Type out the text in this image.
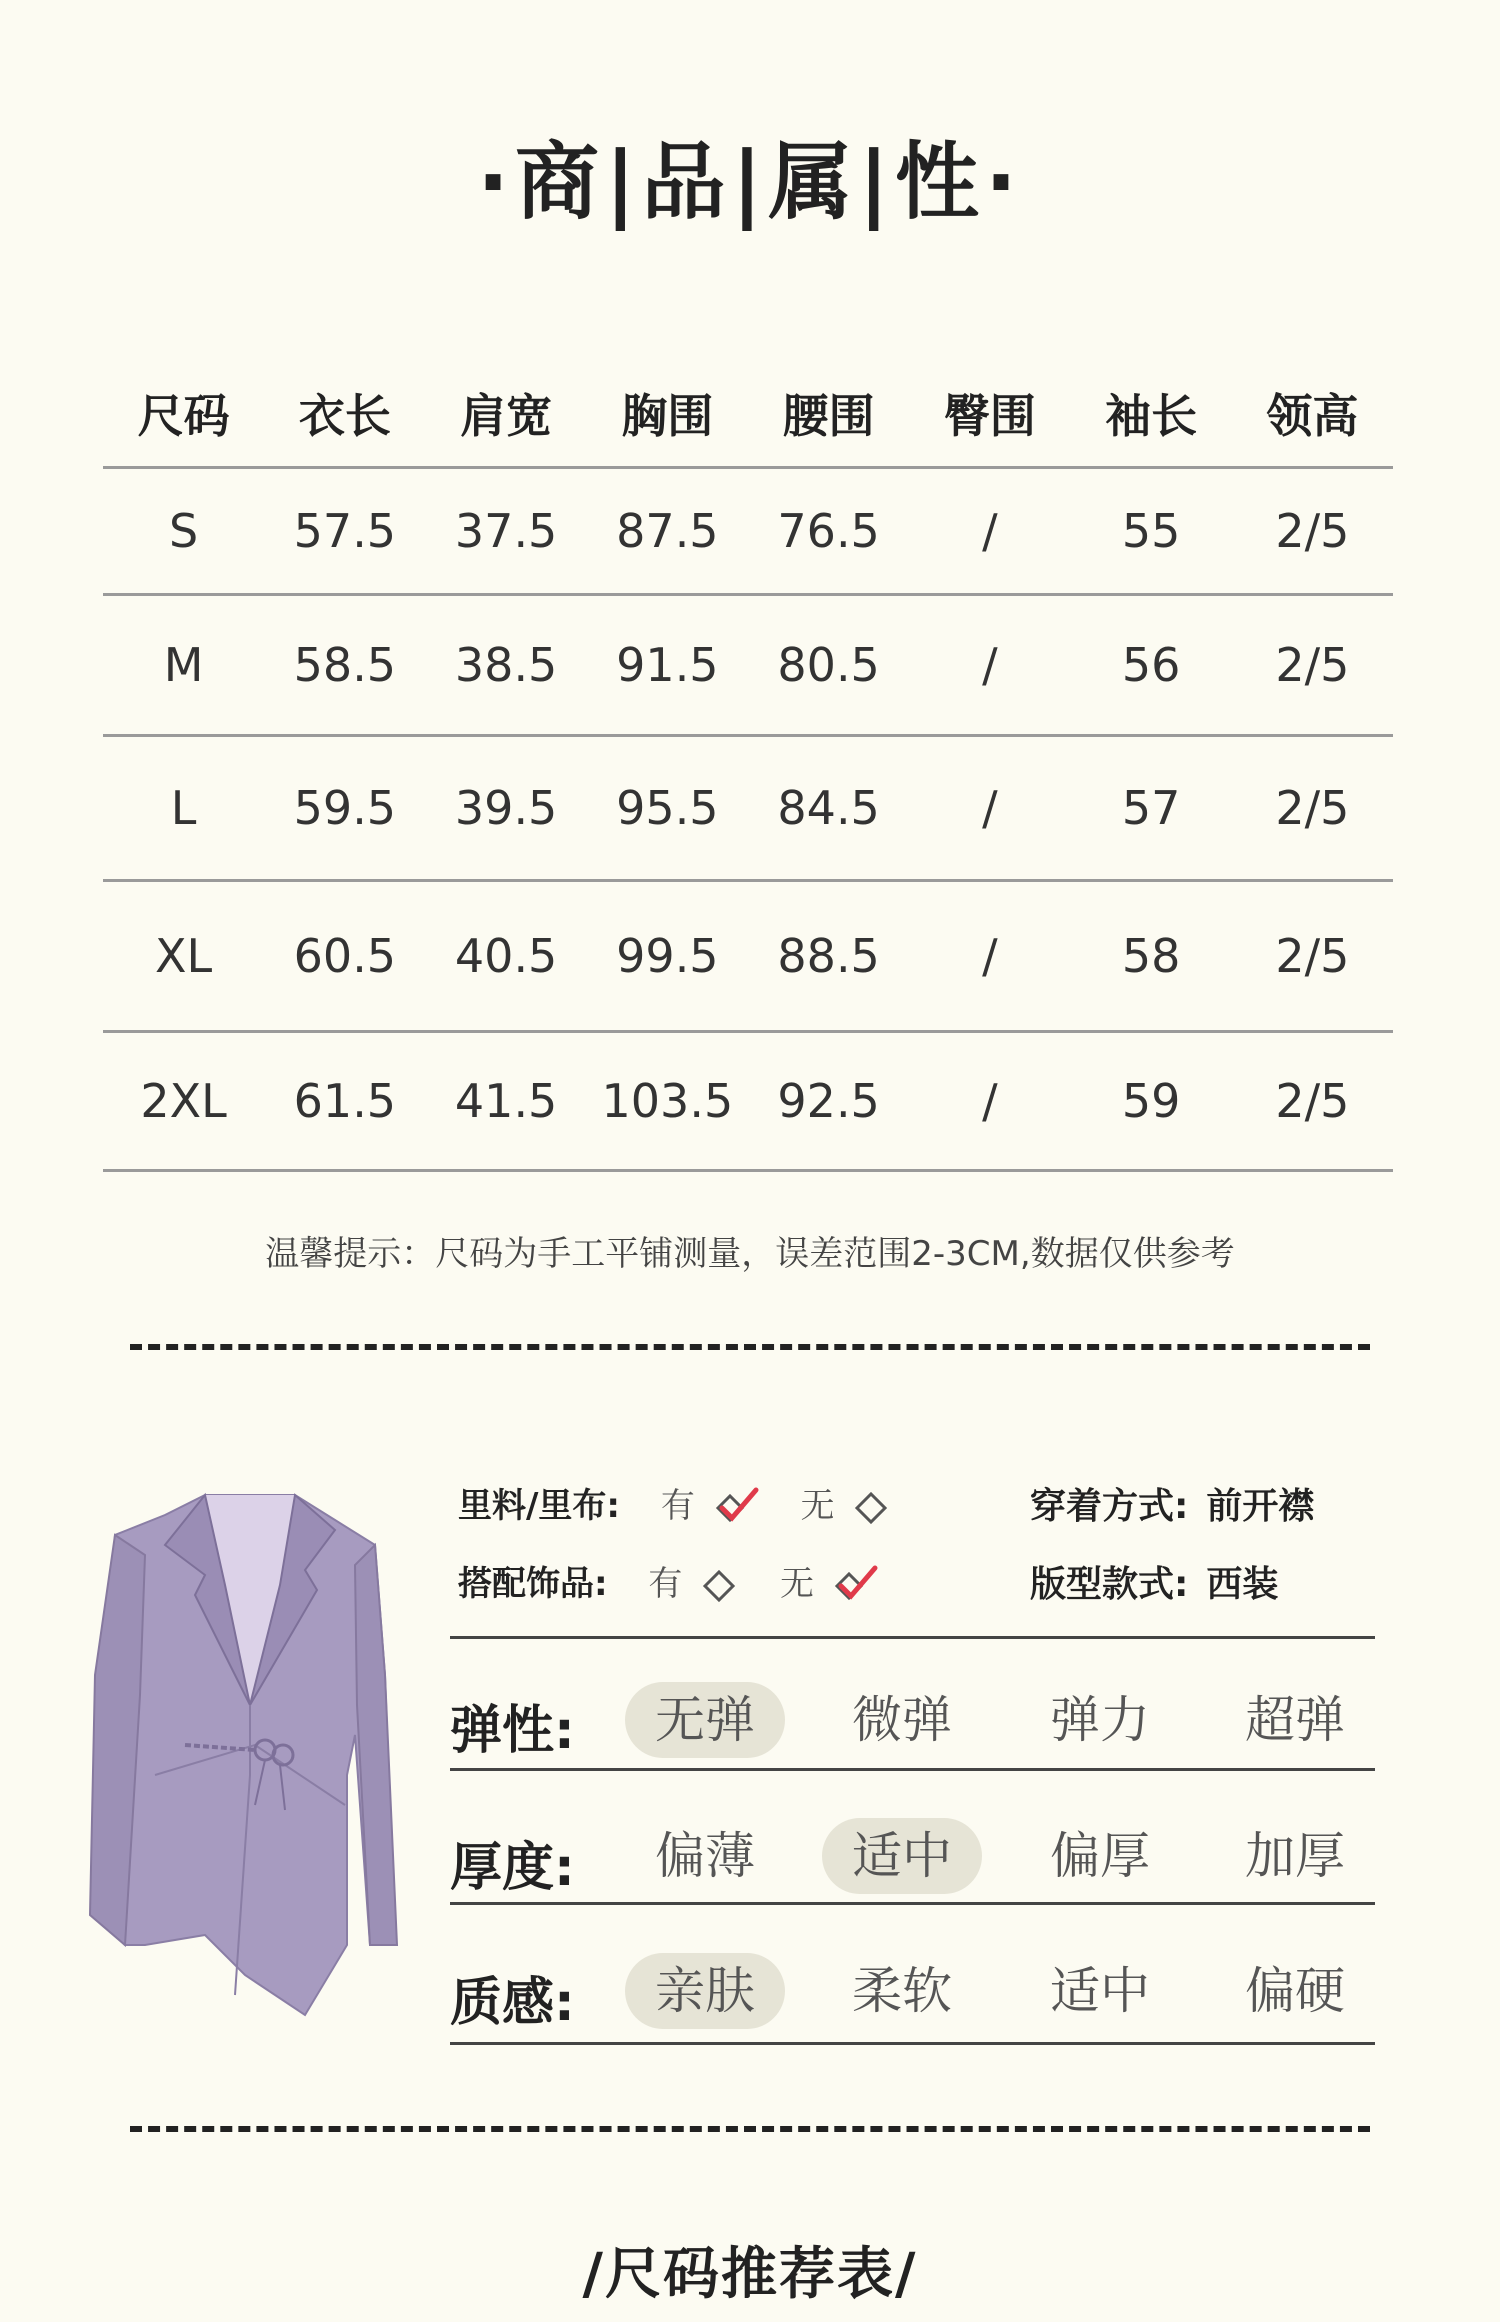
·商|品|属|性·
尺码	衣长	肩宽	胸围	腰围	臀围	袖长	领高
S	57.5	37.5	87.5	76.5	/	55	2/5
M	58.5	38.5	91.5	80.5	/	56	2/5
L	59.5	39.5	95.5	84.5	/	57	2/5
XL	60.5	40.5	99.5	88.5	/	58	2/5
2XL	61.5	41.5	103.5	92.5	/	59	2/5
温馨提示：尺码为手工平铺测量，误差范围2-3CM,数据仅供参考
里料/里布: 有	无
搭配饰品: 有	无
穿着方式: 前开襟
版型款式: 西装
弹性:	无弹	微弹	弹力	超弹
厚度:	偏薄	适中	偏厚	加厚
质感:	亲肤	柔软	适中	偏硬
/尺码推荐表/
